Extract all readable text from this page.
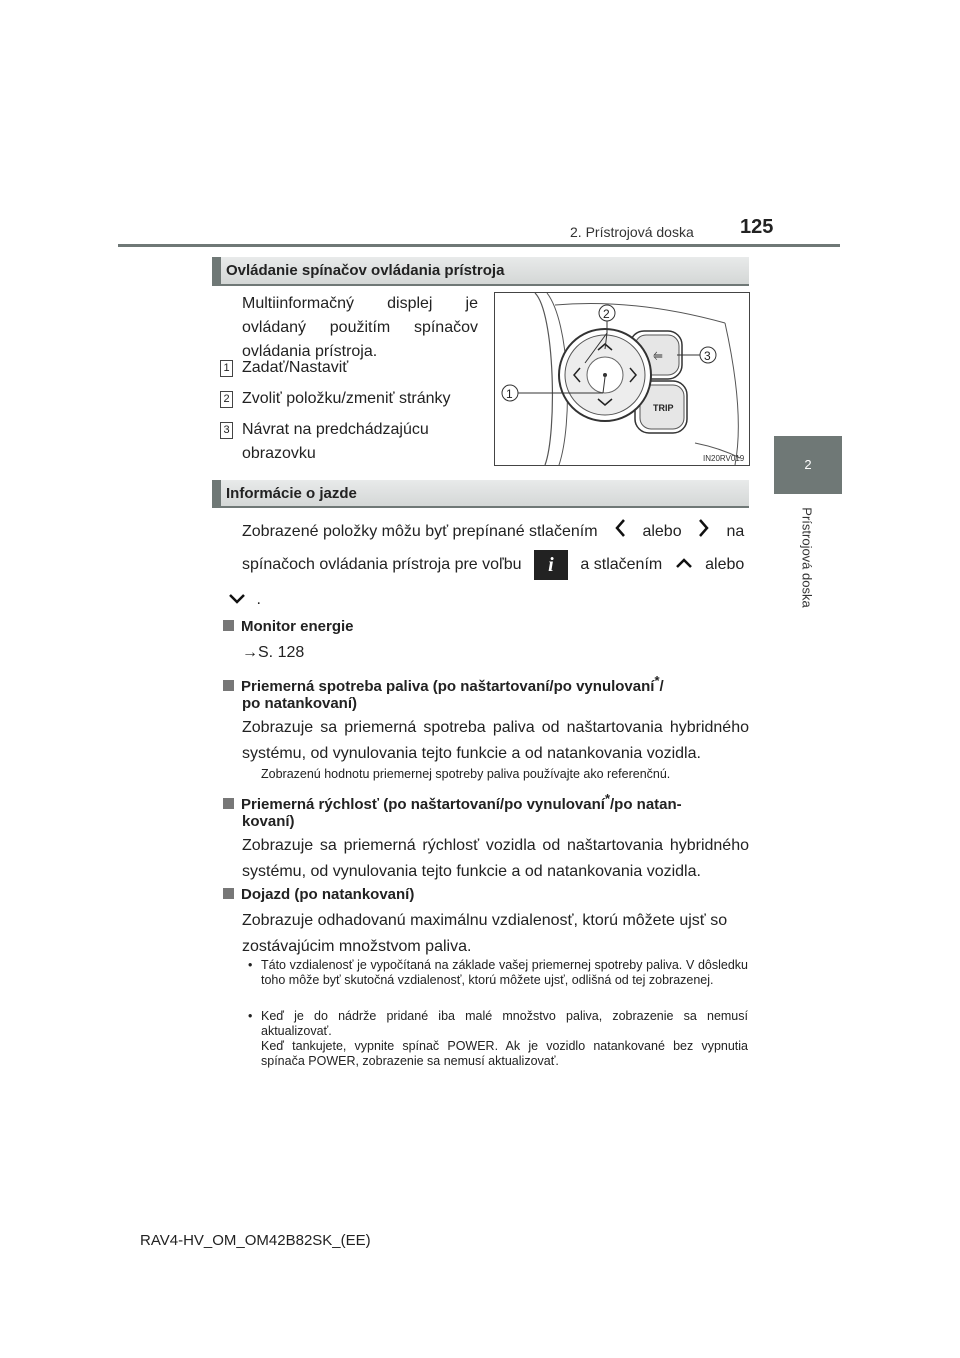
2. Prístrojová doska 125
2
Prístrojová doska
Ovládanie spínačov ovládania prístroja
Multiinformačný displej je ovládaný použitím spínačov ovládania prístroja.
1 Zadať/Nastaviť
2 Zvoliť položku/zmeniť stránky
3 Návrat na predchádzajúcu obrazovku
⥢
TRIP
2
3
1
IN20RV019
Informácie o jazde
Zobrazené položky môžu byť prepínané stlačením	alebo	na
spínačoch ovládania prístroja pre voľbu i a stlačením	alebo
.
Monitor energie
→S. 128
Priemerná spotreba paliva (po naštartovaní/po vynulovaní*/
po natankovaní)
Zobrazuje sa priemerná spotreba paliva od naštartovania hybridného systému, od vynulovania tejto funkcie a od natankovania vozidla.
Zobrazenú hodnotu priemernej spotreby paliva používajte ako referenčnú.
Priemerná rýchlosť (po naštartovaní/po vynulovaní*/po natan-
kovaní)
Zobrazuje sa priemerná rýchlosť vozidla od naštartovania hybridného systému, od vynulovania tejto funkcie a od natankovania vozidla.
Dojazd (po natankovaní)
Zobrazuje odhadovanú maximálnu vzdialenosť, ktorú môžete ujsť so zostávajúcim množstvom paliva.
• Táto vzdialenosť je vypočítaná na základe vašej priemernej spotreby paliva. V dôsledku toho môže byť skutočná vzdialenosť, ktorú môžete ujsť, odlišná od tej zobrazenej.
• Keď je do nádrže pridané iba malé množstvo paliva, zobrazenie sa nemusí aktualizovať.
Keď tankujete, vypnite spínač POWER. Ak je vozidlo natankované bez vypnutia spínača POWER, zobrazenie sa nemusí aktualizovať.
RAV4-HV_OM_OM42B82SK_(EE)
